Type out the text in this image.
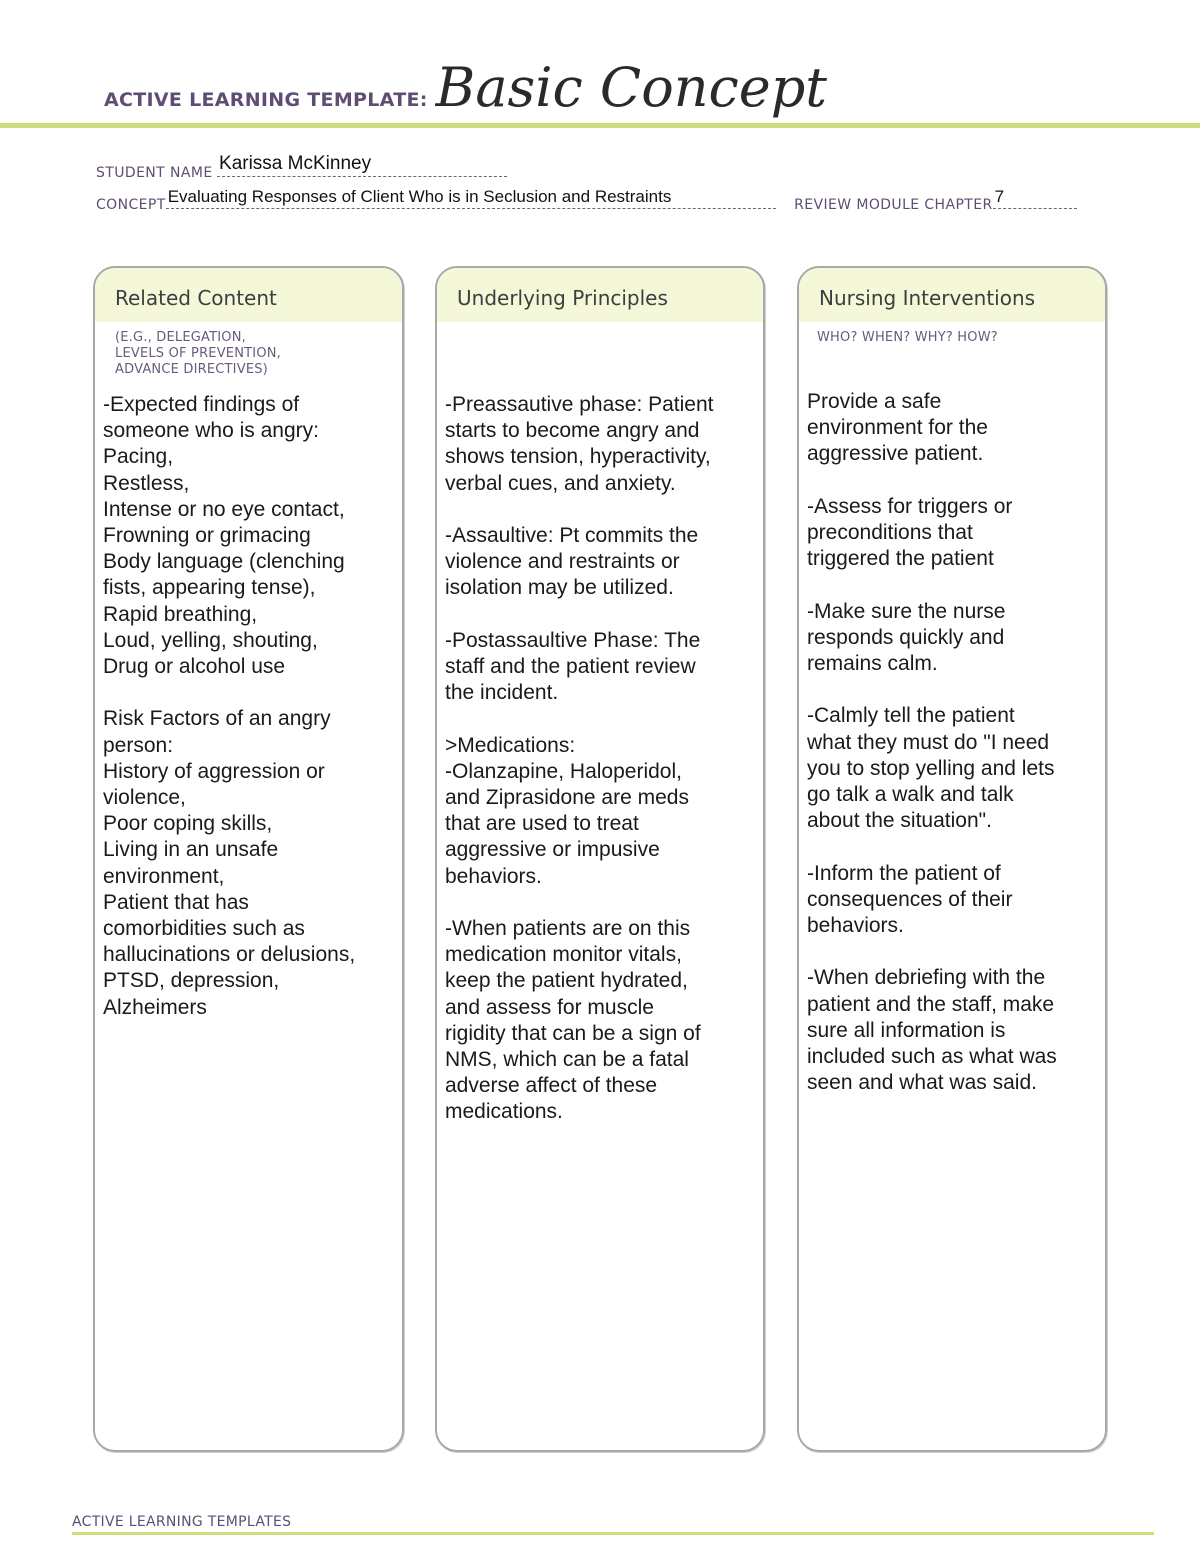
ACTIVE LEARNING TEMPLATE: Basic Concept
STUDENT NAME Karissa McKinney
CONCEPT Evaluating Responses of Client Who is in Seclusion and Restraints	REVIEW MODULE CHAPTER 7
Related Content
(E.G., DELEGATION,
LEVELS OF PREVENTION,
ADVANCE DIRECTIVES)

-Expected findings of
someone who is angry:
Pacing,
Restless,
Intense or no eye contact,
Frowning or grimacing
Body language (clenching
fists, appearing tense),
Rapid breathing,
Loud, yelling, shouting,
Drug or alcohol use

Risk Factors of an angry
person:
History of aggression or
violence,
Poor coping skills,
Living in an unsafe
environment,
Patient that has
comorbidities such as
hallucinations or delusions,
PTSD, depression,
Alzheimers

Underlying Principles

-Preassautive phase: Patient
starts to become angry and
shows tension, hyperactivity,
verbal cues, and anxiety.

-Assaultive: Pt commits the
violence and restraints or
isolation may be utilized.

-Postassaultive Phase: The
staff and the patient review
the incident.

>Medications:
-Olanzapine, Haloperidol,
and Ziprasidone are meds
that are used to treat
aggressive or impusive
behaviors.

-When patients are on this
medication monitor vitals,
keep the patient hydrated,
and assess for muscle
rigidity that can be a sign of
NMS, which can be a fatal
adverse affect of these
medications.

Nursing Interventions
WHO? WHEN? WHY? HOW?

Provide a safe
environment for the
aggressive patient.

-Assess for triggers or
preconditions that
triggered the patient

-Make sure the nurse
responds quickly and
remains calm.

-Calmly tell the patient
what they must do "I need
you to stop yelling and lets
go talk a walk and talk
about the situation".

-Inform the patient of
consequences of their
behaviors.

-When debriefing with the
patient and the staff, make
sure all information is
included such as what was
seen and what was said.

ACTIVE LEARNING TEMPLATES
